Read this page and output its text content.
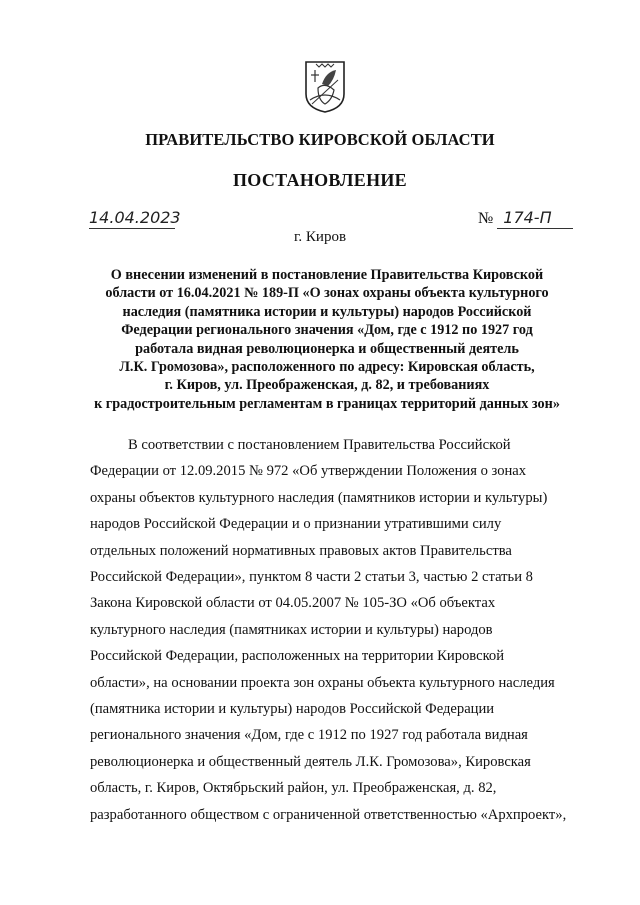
ПРАВИТЕЛЬСТВО КИРОВСКОЙ ОБЛАСТИ
ПОСТАНОВЛЕНИЕ
14.04.2023	№ 174-П
г. Киров
О внесении изменений в постановление Правительства Кировской
области от 16.04.2021 № 189-П «О зонах охраны объекта культурного
наследия (памятника истории и культуры) народов Российской
Федерации регионального значения «Дом, где с 1912 по 1927 год
работала видная революционерка и общественный деятель
Л.К. Громозова», расположенного по адресу: Кировская область,
г. Киров, ул. Преображенская, д. 82, и требованиях
к градостроительным регламентам в границах территорий данных зон»
В соответствии с постановлением Правительства Российской
Федерации от 12.09.2015 № 972 «Об утверждении Положения о зонах
охраны объектов культурного наследия (памятников истории и культуры)
народов Российской Федерации и о признании утратившими силу
отдельных положений нормативных правовых актов Правительства
Российской Федерации», пунктом 8 части 2 статьи 3, частью 2 статьи 8
Закона Кировской области от 04.05.2007 № 105-ЗО «Об объектах
культурного наследия (памятниках истории и культуры) народов
Российской Федерации, расположенных на территории Кировской
области», на основании проекта зон охраны объекта культурного наследия
(памятника истории и культуры) народов Российской Федерации
регионального значения «Дом, где с 1912 по 1927 год работала видная
революционерка и общественный деятель Л.К. Громозова», Кировская
область, г. Киров, Октябрьский район, ул. Преображенская, д. 82,
разработанного обществом с ограниченной ответственностью «Архпроект»,
